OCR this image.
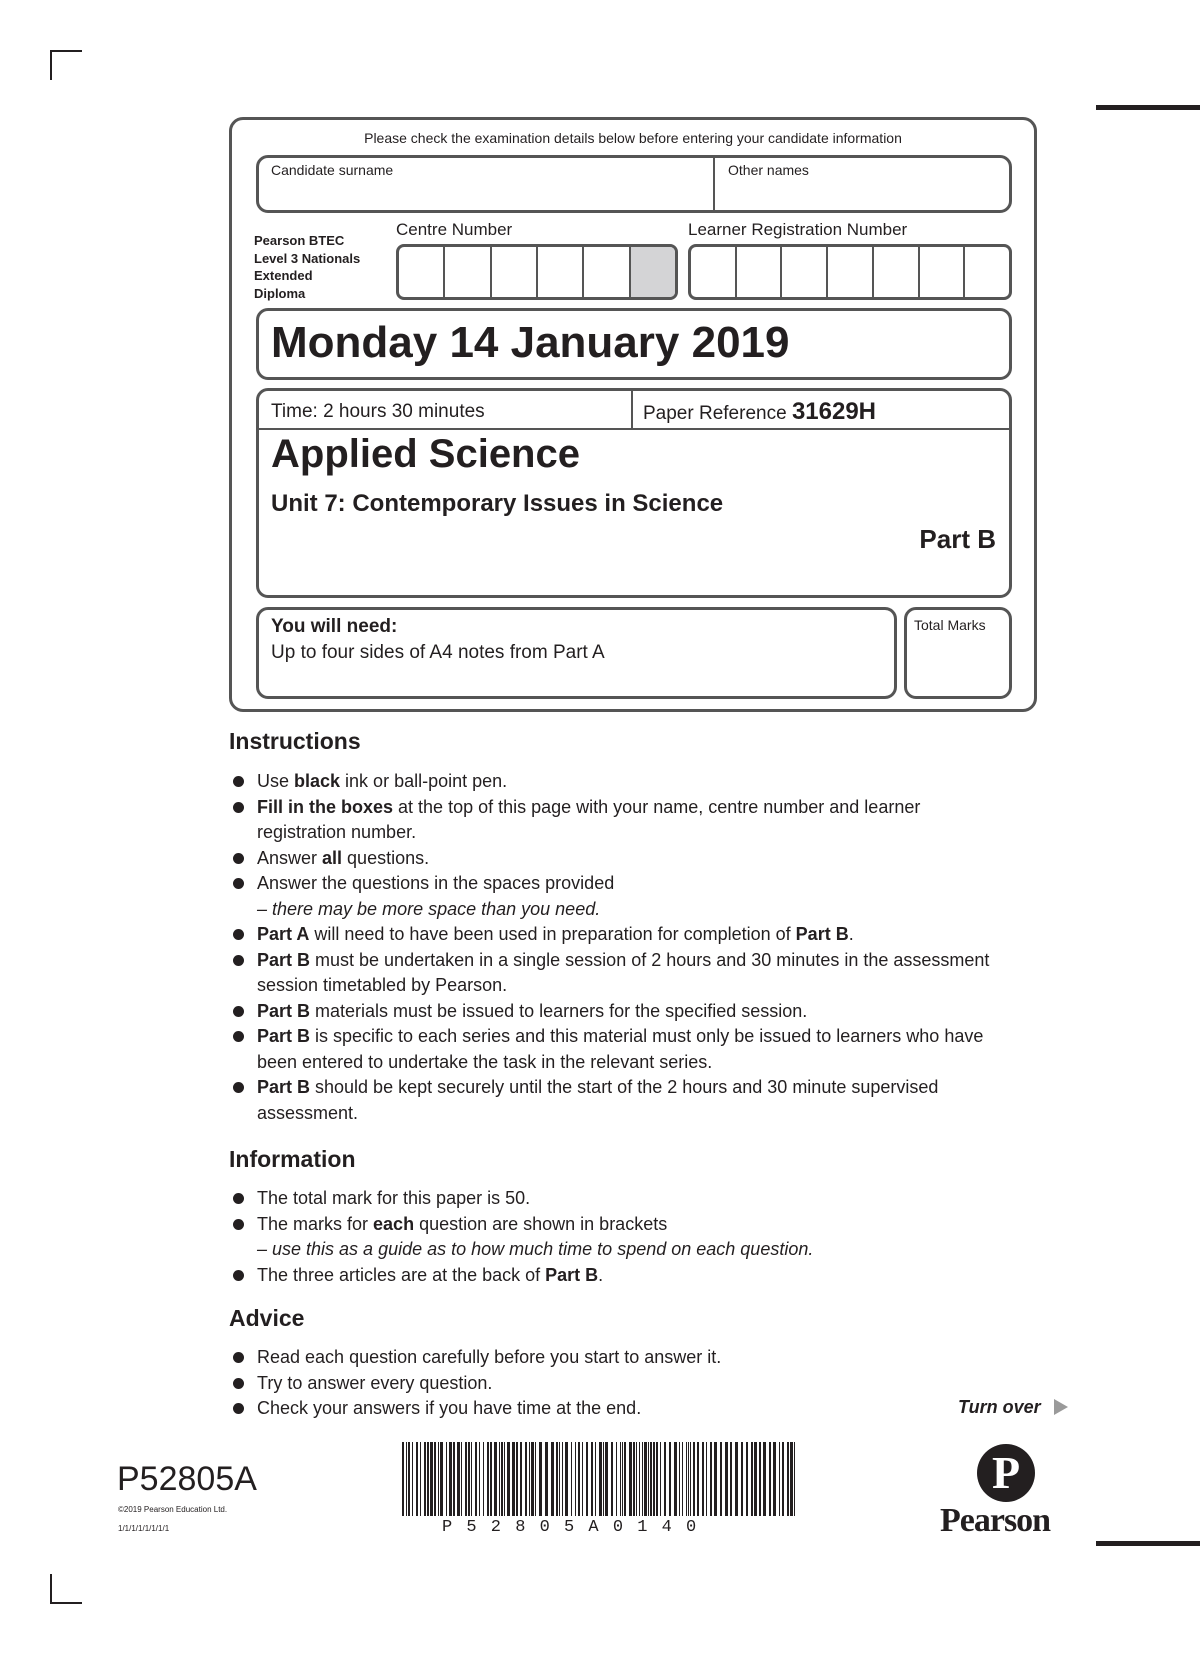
Please check the examination details below before entering your candidate information
Candidate surname	Other names
Pearson BTEC
Level 3 Nationals
Extended
Diploma
Centre Number	Learner Registration Number
Monday 14 January 2019
Time: 2 hours 30 minutes	Paper Reference 31629H
Applied Science
Unit 7: Contemporary Issues in Science
Part B
You will need:
Up to four sides of A4 notes from Part A
Total Marks
Instructions
Use black ink or ball-point pen.
Fill in the boxes at the top of this page with your name, centre number and learner registration number.
Answer all questions.
Answer the questions in the spaces provided
– there may be more space than you need.
Part A will need to have been used in preparation for completion of Part B.
Part B must be undertaken in a single session of 2 hours and 30 minutes in the assessment session timetabled by Pearson.
Part B materials must be issued to learners for the specified session.
Part B is specific to each series and this material must only be issued to learners who have been entered to undertake the task in the relevant series.
Part B should be kept securely until the start of the 2 hours and 30 minute supervised assessment.
Information
The total mark for this paper is 50.
The marks for each question are shown in brackets
– use this as a guide as to how much time to spend on each question.
The three articles are at the back of Part B.
Advice
Read each question carefully before you start to answer it.
Try to answer every question.
Check your answers if you have time at the end.	Turn over
P52805A
©2019 Pearson Education Ltd.
1/1/1/1/1/1/1/1	P 5 2 8 0 5 A 0 1 4 0
P
Pearson
